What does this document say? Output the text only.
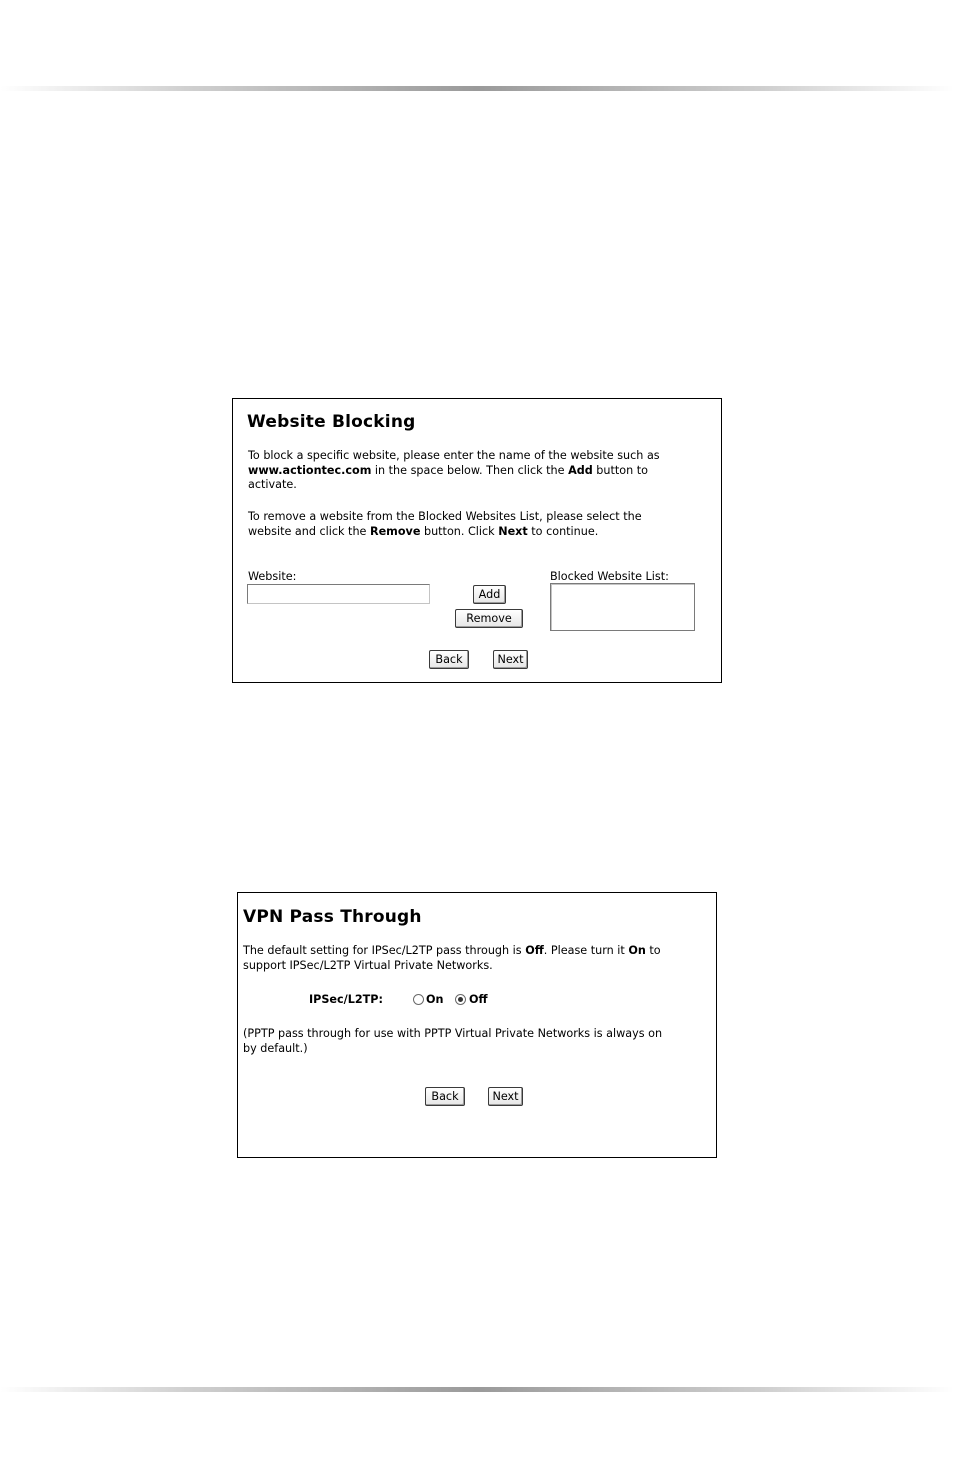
Website Blocking

To block a specific website, please enter the name of the website such as
www.actiontec.com in the space below. Then click the Add button to
activate.

To remove a website from the Blocked Websites List, please select the
website and click the Remove button. Click Next to continue.

Website:
Add
Remove
Blocked Website List:
Back	Next
VPN Pass Through

The default setting for IPSec/L2TP pass through is Off. Please turn it On to
support IPSec/L2TP Virtual Private Networks.

IPSec/L2TP:	On Off

(PPTP pass through for use with PPTP Virtual Private Networks is always on
by default.)

Back	Next
